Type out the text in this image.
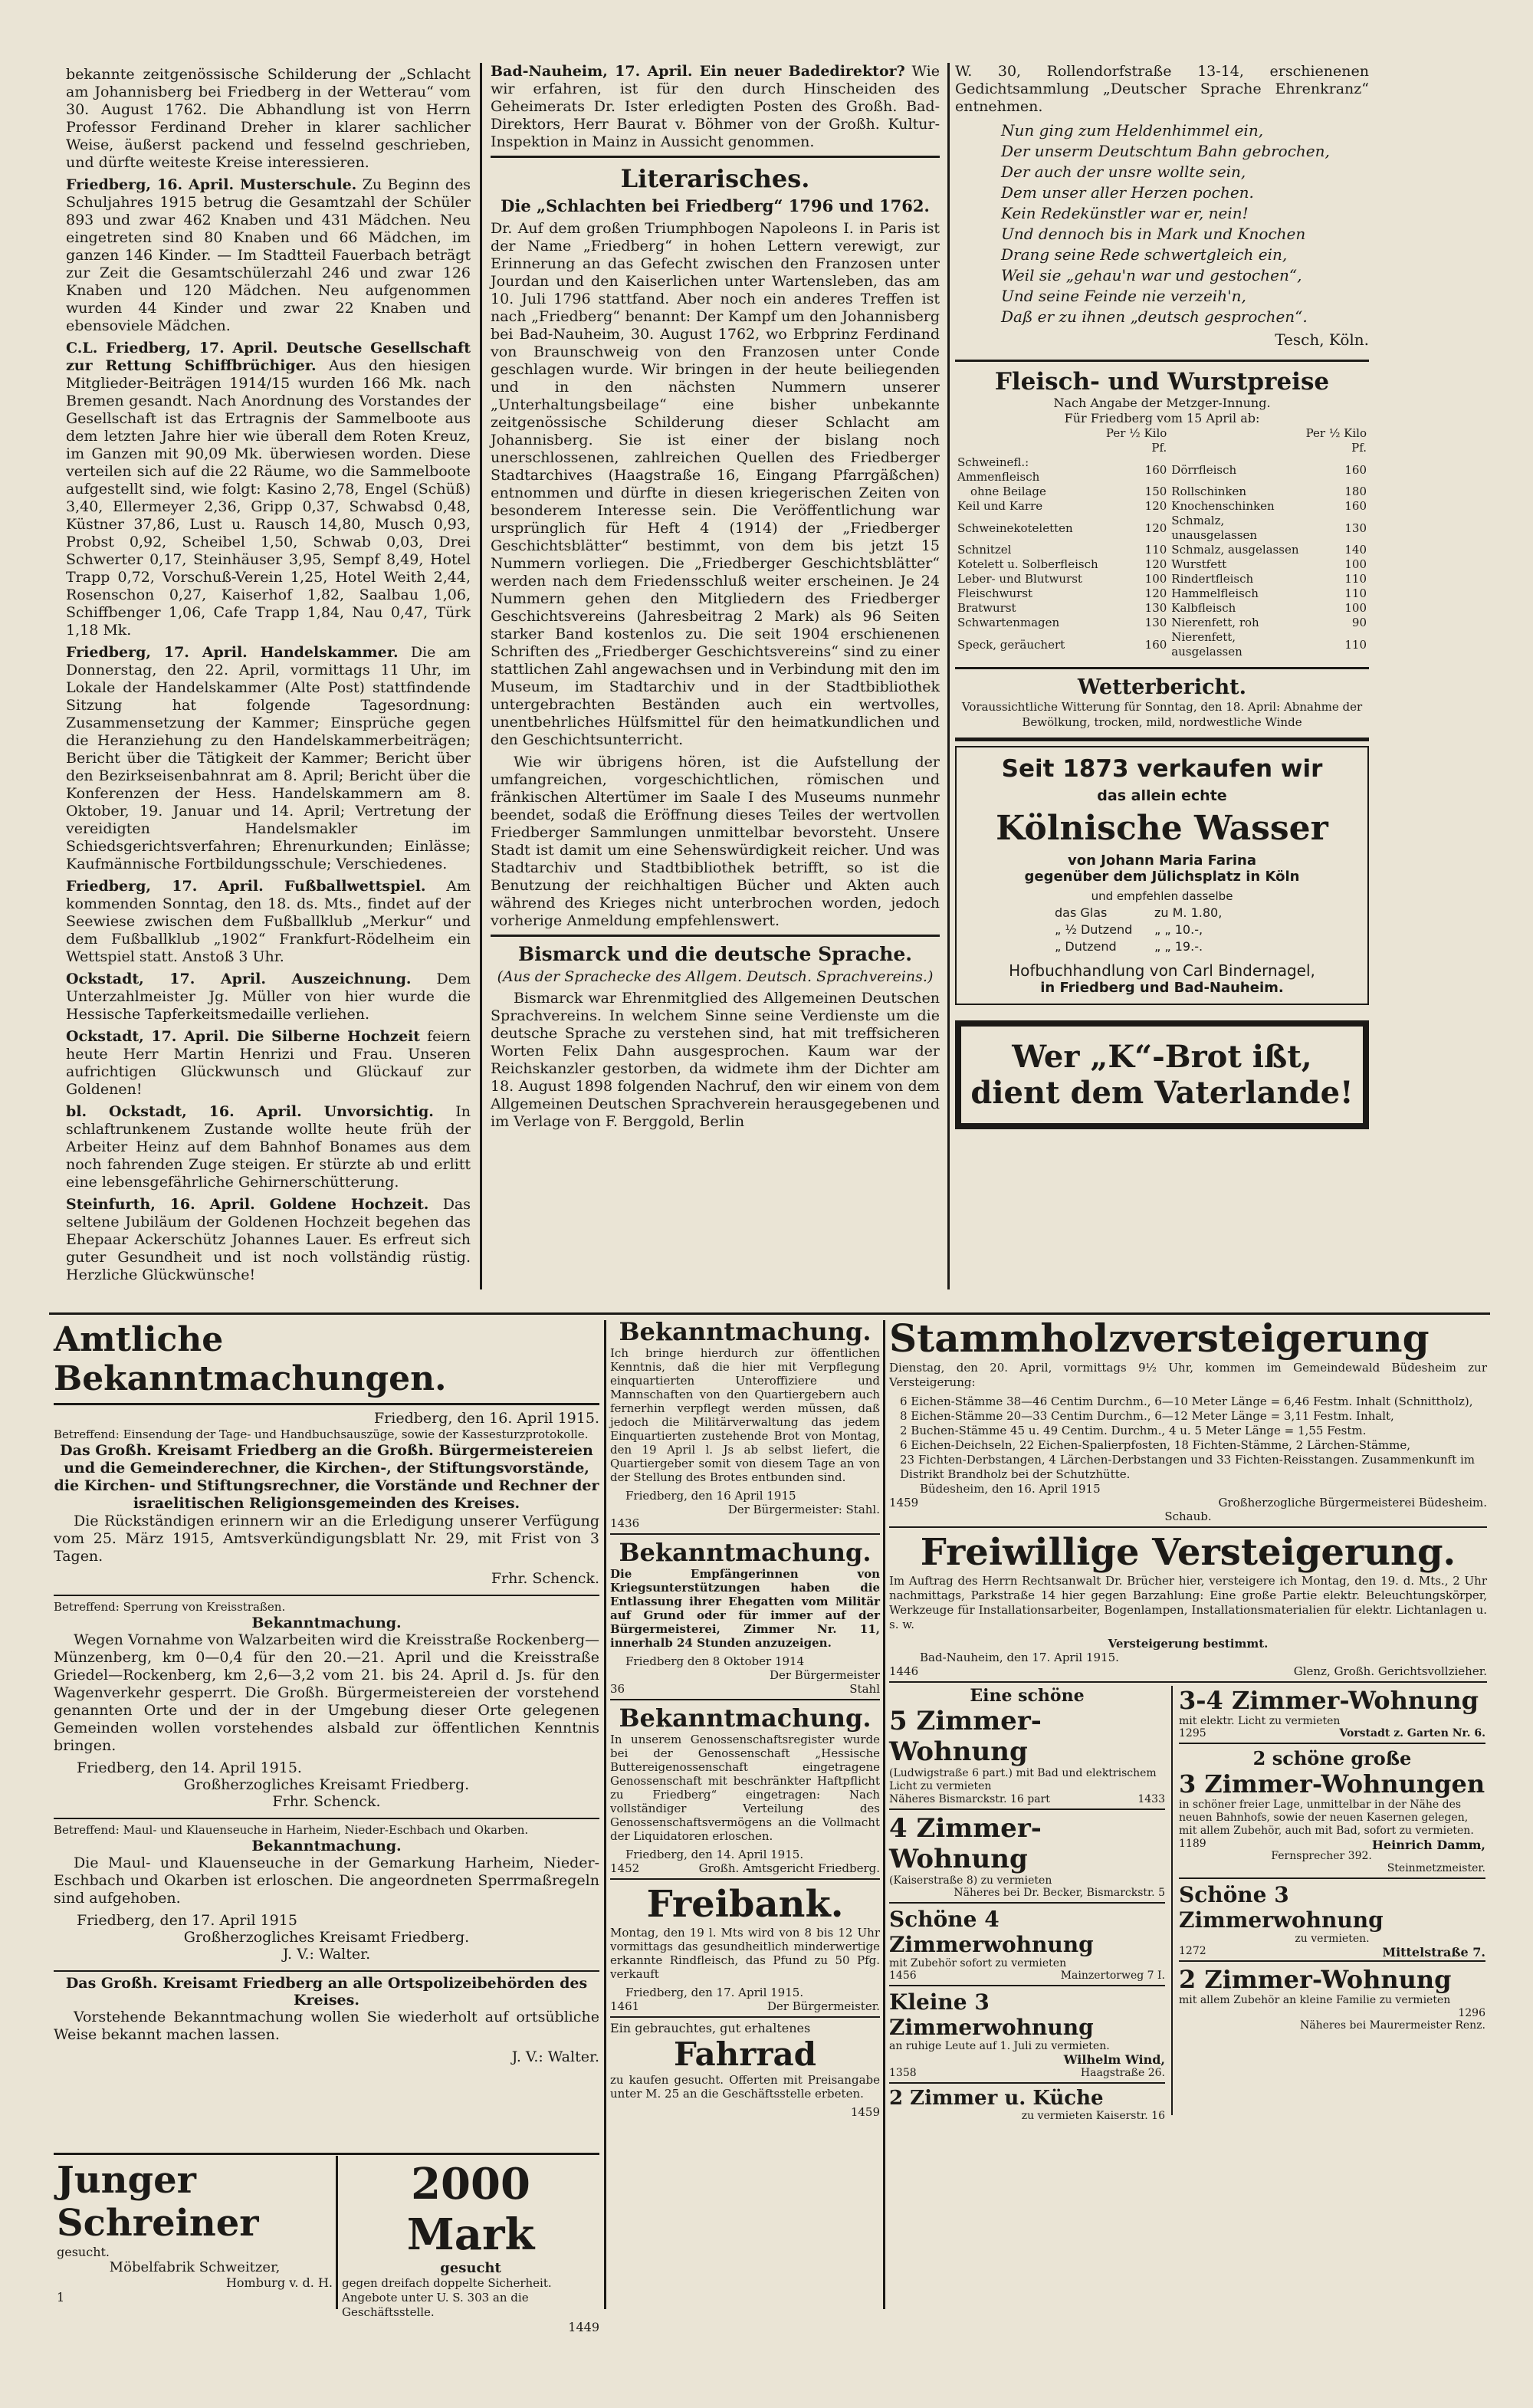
bekannte zeitgenössische Schilderung der „Schlacht am Johannisberg bei Friedberg in der Wetterau“ vom 30. August 1762. Die Abhandlung ist von Herrn Professor Ferdinand Dreher in klarer sachlicher Weise, äußerst packend und fesselnd geschrieben, und dürfte weiteste Kreise interessieren.

Friedberg, 16. April. Musterschule. Zu Beginn des Schuljahres 1915 betrug die Gesamtzahl der Schüler 893 und zwar 462 Knaben und 431 Mädchen. Neu eingetreten sind 80 Knaben und 66 Mädchen, im ganzen 146 Kinder. — Im Stadtteil Fauerbach beträgt zur Zeit die Gesamtschülerzahl 246 und zwar 126 Knaben und 120 Mädchen. Neu aufgenommen wurden 44 Kinder und zwar 22 Knaben und ebensoviele Mädchen.

C.L. Friedberg, 17. April. Deutsche Gesellschaft zur Rettung Schiffbrüchiger. Aus den hiesigen Mitglieder-Beiträgen 1914/15 wurden 166 Mk. nach Bremen gesandt. Nach Anordnung des Vorstandes der Gesellschaft ist das Ertragnis der Sammelboote aus dem letzten Jahre hier wie überall dem Roten Kreuz, im Ganzen mit 90,09 Mk. überwiesen worden. Diese verteilen sich auf die 22 Räume, wo die Sammelboote aufgestellt sind, wie folgt: Kasino 2,78, Engel (Schüß) 3,40, Ellermeyer 2,36, Gripp 0,37, Schwabsd 0,48, Küstner 37,86, Lust u. Rausch 14,80, Musch 0,93, Probst 0,92, Scheibel 1,50, Schwab 0,03, Drei Schwerter 0,17, Steinhäuser 3,95, Sempf 8,49, Hotel Trapp 0,72, Vorschuß-Verein 1,25, Hotel Weith 2,44, Rosenschon 0,27, Kaiserhof 1,82, Saalbau 1,06, Schiffbenger 1,06, Cafe Trapp 1,84, Nau 0,47, Türk 1,18 Mk.

Friedberg, 17. April. Handelskammer. Die am Donnerstag, den 22. April, vormittags 11 Uhr, im Lokale der Handelskammer (Alte Post) stattfindende Sitzung hat folgende Tagesordnung: Zusammensetzung der Kammer; Einsprüche gegen die Heranziehung zu den Handelskammerbeiträgen; Bericht über die Tätigkeit der Kammer; Bericht über den Bezirkseisenbahnrat am 8. April; Bericht über die Konferenzen der Hess. Handelskammern am 8. Oktober, 19. Januar und 14. April; Vertretung der vereidigten Handelsmakler im Schiedsgerichtsverfahren; Ehrenurkunden; Einlässe; Kaufmännische Fortbildungsschule; Verschiedenes.

Friedberg, 17. April. Fußballwettspiel. Am kommenden Sonntag, den 18. ds. Mts., findet auf der Seewiese zwischen dem Fußballklub „Merkur“ und dem Fußballklub „1902“ Frankfurt-Rödelheim ein Wettspiel statt. Anstoß 3 Uhr.

Ockstadt, 17. April. Auszeichnung. Dem Unterzahlmeister Jg. Müller von hier wurde die Hessische Tapferkeitsmedaille verliehen.

Ockstadt, 17. April. Die Silberne Hochzeit feiern heute Herr Martin Henrizi und Frau. Unseren aufrichtigen Glückwunsch und Glückauf zur Goldenen!

bl. Ockstadt, 16. April. Unvorsichtig. In schlaftrunkenem Zustande wollte heute früh der Arbeiter Heinz auf dem Bahnhof Bonames aus dem noch fahrenden Zuge steigen. Er stürzte ab und erlitt eine lebensgefährliche Gehirnerschütterung.

Steinfurth, 16. April. Goldene Hochzeit. Das seltene Jubiläum der Goldenen Hochzeit begehen das Ehepaar Ackerschütz Johannes Lauer. Es erfreut sich guter Gesundheit und ist noch vollständig rüstig. Herzliche Glückwünsche!

Bad-Nauheim, 17. April. Ein neuer Badedirektor? Wie wir erfahren, ist für den durch Hinscheiden des Geheimerats Dr. Ister erledigten Posten des Großh. Bad-Direktors, Herr Baurat v. Böhmer von der Großh. Kultur-Inspektion in Mainz in Aussicht genommen.

Literarisches.
Die „Schlachten bei Friedberg“ 1796 und 1762.

Dr. Auf dem großen Triumphbogen Napoleons I. in Paris ist der Name „Friedberg“ in hohen Lettern verewigt, zur Erinnerung an das Gefecht zwischen den Franzosen unter Jourdan und den Kaiserlichen unter Wartensleben, das am 10. Juli 1796 stattfand. Aber noch ein anderes Treffen ist nach „Friedberg“ benannt: Der Kampf um den Johannisberg bei Bad-Nauheim, 30. August 1762, wo Erbprinz Ferdinand von Braunschweig von den Franzosen unter Conde geschlagen wurde. Wir bringen in der heute beiliegenden und in den nächsten Nummern unserer „Unterhaltungsbeilage“ eine bisher unbekannte zeitgenössische Schilderung dieser Schlacht am Johannisberg. Sie ist einer der bislang noch unerschlossenen, zahlreichen Quellen des Friedberger Stadtarchives (Haagstraße 16, Eingang Pfarrgäßchen) entnommen und dürfte in diesen kriegerischen Zeiten von besonderem Interesse sein. Die Veröffentlichung war ursprünglich für Heft 4 (1914) der „Friedberger Geschichtsblätter“ bestimmt, von dem bis jetzt 15 Nummern vorliegen. Die „Friedberger Geschichtsblätter“ werden nach dem Friedensschluß weiter erscheinen. Je 24 Nummern gehen den Mitgliedern des Friedberger Geschichtsvereins (Jahresbeitrag 2 Mark) als 96 Seiten starker Band kostenlos zu. Die seit 1904 erschienenen Schriften des „Friedberger Geschichtsvereins“ sind zu einer stattlichen Zahl angewachsen und in Verbindung mit den im Museum, im Stadtarchiv und in der Stadtbibliothek untergebrachten Beständen auch ein wertvolles, unentbehrliches Hülfsmittel für den heimatkundlichen und den Geschichtsunterricht.

Wie wir übrigens hören, ist die Aufstellung der umfangreichen, vorgeschichtlichen, römischen und fränkischen Altertümer im Saale I des Museums nunmehr beendet, sodaß die Eröffnung dieses Teiles der wertvollen Friedberger Sammlungen unmittelbar bevorsteht. Unsere Stadt ist damit um eine Sehenswürdigkeit reicher. Und was Stadtarchiv und Stadtbibliothek betrifft, so ist die Benutzung der reichhaltigen Bücher und Akten auch während des Krieges nicht unterbrochen worden, jedoch vorherige Anmeldung empfehlenswert.

Bismarck und die deutsche Sprache.
(Aus der Sprachecke des Allgem. Deutsch. Sprachvereins.)

Bismarck war Ehrenmitglied des Allgemeinen Deutschen Sprachvereins. In welchem Sinne seine Verdienste um die deutsche Sprache zu verstehen sind, hat mit treffsicheren Worten Felix Dahn ausgesprochen. Kaum war der Reichskanzler gestorben, da widmete ihm der Dichter am 18. August 1898 folgenden Nachruf, den wir einem von dem Allgemeinen Deutschen Sprachverein herausgegebenen und im Verlage von F. Berggold, Berlin

W. 30, Rollendorfstraße 13-14, erschienenen Gedichtsammlung „Deutscher Sprache Ehrenkranz“ entnehmen.

Nun ging zum Heldenhimmel ein,

Der unserm Deutschtum Bahn gebrochen,

Der auch der unsre wollte sein,

Dem unser aller Herzen pochen.

Kein Redekünstler war er, nein!

Und dennoch bis in Mark und Knochen

Drang seine Rede schwertgleich ein,

Weil sie „gehau'n war und gestochen“,

Und seine Feinde nie verzeih'n,

Daß er zu ihnen „deutsch gesprochen“.

Tesch, Köln.
Fleisch- und Wurstpreise
Nach Angabe der Metzger-Innung.
Für Friedberg vom 15 April ab:
	Per ½ Kilo Pf.		Per ½ Kilo Pf.
Schweinefl.: Ammenfleisch	160	Dörrfleisch	160
ohne Beilage	150	Rollschinken	180
Keil und Karre	120	Knochenschinken	160
Schweinekoteletten	120	Schmalz, unausgelassen	130
Schnitzel	110	Schmalz, ausgelassen	140
Kotelett u. Solberfleisch	120	Wurstfett	100
Leber- und Blutwurst	100	Rindertfleisch	110
Fleischwurst	120	Hammelfleisch	110
Bratwurst	130	Kalbfleisch	100
Schwartenmagen	130	Nierenfett, roh	90
Speck, geräuchert	160	Nierenfett, ausgelassen	110
Wetterbericht.
Voraussichtliche Witterung für Sonntag, den 18. April: Abnahme der Bewölkung, trocken, mild, nordwestliche Winde
Seit 1873 verkaufen wir
das allein echte
Kölnische Wasser
von Johann Maria Farina
gegenüber dem Jülichsplatz in Köln
und empfehlen dasselbe
das Glas	zu M. 1.80,
„ ½ Dutzend „ „ 10.-,
„ Dutzend	„ „ 19.-.
Hofbuchhandlung von Carl Bindernagel,
in Friedberg und Bad-Nauheim.
Wer „K“-Brot ißt,
dient dem Vaterlande!
Amtliche Bekanntmachungen.
Friedberg, den 16. April 1915.
Betreffend: Einsendung der Tage- und Handbuchsauszüge, sowie der Kassesturzprotokolle.
Das Großh. Kreisamt Friedberg an die Großh. Bürgermeistereien und die Gemeinderechner, die Kirchen-, der Stiftungsvorstände, die Kirchen- und Stiftungsrechner, die Vorstände und Rechner der israelitischen Religionsgemeinden des Kreises.

Die Rückständigen erinnern wir an die Erledigung unserer Verfügung vom 25. März 1915, Amtsverkündigungsblatt Nr. 29, mit Frist von 3 Tagen.

Frhr. Schenck.
Betreffend: Sperrung von Kreisstraßen.
Bekanntmachung.

Wegen Vornahme von Walzarbeiten wird die Kreisstraße Rockenberg—Münzenberg, km 0—0,4 für den 20.—21. April und die Kreisstraße Griedel—Rockenberg, km 2,6—3,2 vom 21. bis 24. April d. Js. für den Wagenverkehr gesperrt. Die Großh. Bürgermeistereien der vorstehend genannten Orte und der in der Umgebung dieser Orte gelegenen Gemeinden wollen vorstehendes alsbald zur öffentlichen Kenntnis bringen.

Friedberg, den 14. April 1915.
Großherzogliches Kreisamt Friedberg.
Frhr. Schenck.
Betreffend: Maul- und Klauenseuche in Harheim, Nieder-Eschbach und Okarben.
Bekanntmachung.

Die Maul- und Klauenseuche in der Gemarkung Harheim, Nieder-Eschbach und Okarben ist erloschen. Die angeordneten Sperrmaßregeln sind aufgehoben.

Friedberg, den 17. April 1915
Großherzogliches Kreisamt Friedberg.
J. V.: Walter.
Das Großh. Kreisamt Friedberg an alle Ortspolizeibehörden des Kreises.

Vorstehende Bekanntmachung wollen Sie wiederholt auf ortsübliche Weise bekannt machen lassen.

J. V.: Walter.
Junger Schreiner
gesucht.
Möbelfabrik Schweitzer,
Homburg v. d. H.
1
2000 Mark
gesucht
gegen dreifach doppelte Sicherheit. Angebote unter U. S. 303 an die Geschäftsstelle.
1449
Bekanntmachung.

Ich bringe hierdurch zur öffentlichen Kenntnis, daß die hier mit Verpflegung einquartierten Unteroffiziere und Mannschaften von den Quartiergebern auch fernerhin verpflegt werden müssen, daß jedoch die Militärverwaltung das jedem Einquartierten zustehende Brot von Montag, den 19 April l. Js ab selbst liefert, die Quartiergeber somit von diesem Tage an von der Stellung des Brotes entbunden sind.

Friedberg, den 16 April 1915
Der Bürgermeister: Stahl.
1436
Bekanntmachung.

Die Empfängerinnen von Kriegsunterstützungen haben die Entlassung ihrer Ehegatten vom Militär auf Grund oder für immer auf der Bürgermeisterei, Zimmer Nr. 11, innerhalb 24 Stunden anzuzeigen.

Friedberg den 8 Oktober 1914
Der Bürgermeister
36	Stahl
Bekanntmachung.

In unserem Genossenschaftsregister wurde bei der Genossenschaft „Hessische Buttereigenossenschaft eingetragene Genossenschaft mit beschränkter Haftpflicht zu Friedberg“ eingetragen: Nach vollständiger Verteilung des Genossenschaftsvermögens an die Vollmacht der Liquidatoren erloschen.

Friedberg, den 14. April 1915.
1452	Großh. Amtsgericht Friedberg.
Freibank.

Montag, den 19 l. Mts wird von 8 bis 12 Uhr vormittags das gesundheitlich minderwertige erkannte Rindfleisch, das Pfund zu 50 Pfg. verkauft

Friedberg, den 17. April 1915.
1461	Der Bürgermeister.
Ein gebrauchtes, gut erhaltenes
Fahrrad

zu kaufen gesucht. Offerten mit Preisangabe unter M. 25 an die Geschäftsstelle erbeten.

1459
Stammholzversteigerung

Dienstag, den 20. April, vormittags 9½ Uhr, kommen im Gemeindewald Büdesheim zur Versteigerung:

6 Eichen-Stämme 38—46 Centim Durchm., 6—10 Meter Länge = 6,46 Festm. Inhalt (Schnittholz),
8 Eichen-Stämme 20—33 Centim Durchm., 6—12 Meter Länge = 3,11 Festm. Inhalt,
2 Buchen-Stämme 45 u. 49 Centim. Durchm., 4 u. 5 Meter Länge = 1,55 Festm.
6 Eichen-Deichseln, 22 Eichen-Spalierpfosten, 18 Fichten-Stämme, 2 Lärchen-Stämme,
23 Fichten-Derbstangen, 4 Lärchen-Derbstangen und 33 Fichten-Reisstangen. Zusammenkunft im Distrikt Brandholz bei der Schutzhütte.
Büdesheim, den 16. April 1915
1459	Großherzogliche Bürgermeisterei Büdesheim.
Schaub.
Freiwillige Versteigerung.

Im Auftrag des Herrn Rechtsanwalt Dr. Brücher hier, versteigere ich Montag, den 19. d. Mts., 2 Uhr nachmittags, Parkstraße 14 hier gegen Barzahlung: Eine große Partie elektr. Beleuchtungskörper, Werkzeuge für Installationsarbeiter, Bogenlampen, Installationsmaterialien für elektr. Lichtanlagen u. s. w.

Versteigerung bestimmt.
Bad-Nauheim, den 17. April 1915.
1446	Glenz, Großh. Gerichtsvollzieher.
Eine schöne
5 Zimmer-Wohnung
(Ludwigstraße 6 part.) mit Bad und elektrischem Licht zu vermieten
Näheres Bismarckstr. 16 part	1433
4 Zimmer-Wohnung
(Kaiserstraße 8) zu vermieten
Näheres bei Dr. Becker, Bismarckstr. 5
Schöne 4 Zimmerwohnung
mit Zubehör sofort zu vermieten
1456	Mainzertorweg 7 I.
Kleine 3 Zimmerwohnung
an ruhige Leute auf 1. Juli zu vermieten.
Wilhelm Wind,
1358	Haagstraße 26.
2 Zimmer u. Küche
zu vermieten Kaiserstr. 16
3-4 Zimmer-Wohnung
mit elektr. Licht zu vermieten
1295	Vorstadt z. Garten Nr. 6.
2 schöne große
3 Zimmer-Wohnungen
in schöner freier Lage, unmittelbar in der Nähe des neuen Bahnhofs, sowie der neuen Kasernen gelegen, mit allem Zubehör, auch mit Bad, sofort zu vermieten.
1189	Heinrich Damm,
Fernsprecher 392. Steinmetzmeister.
Schöne 3 Zimmerwohnung
zu vermieten.
1272	Mittelstraße 7.
2 Zimmer-Wohnung
mit allem Zubehör an kleine Familie zu vermieten
1296
Näheres bei Maurermeister Renz.
